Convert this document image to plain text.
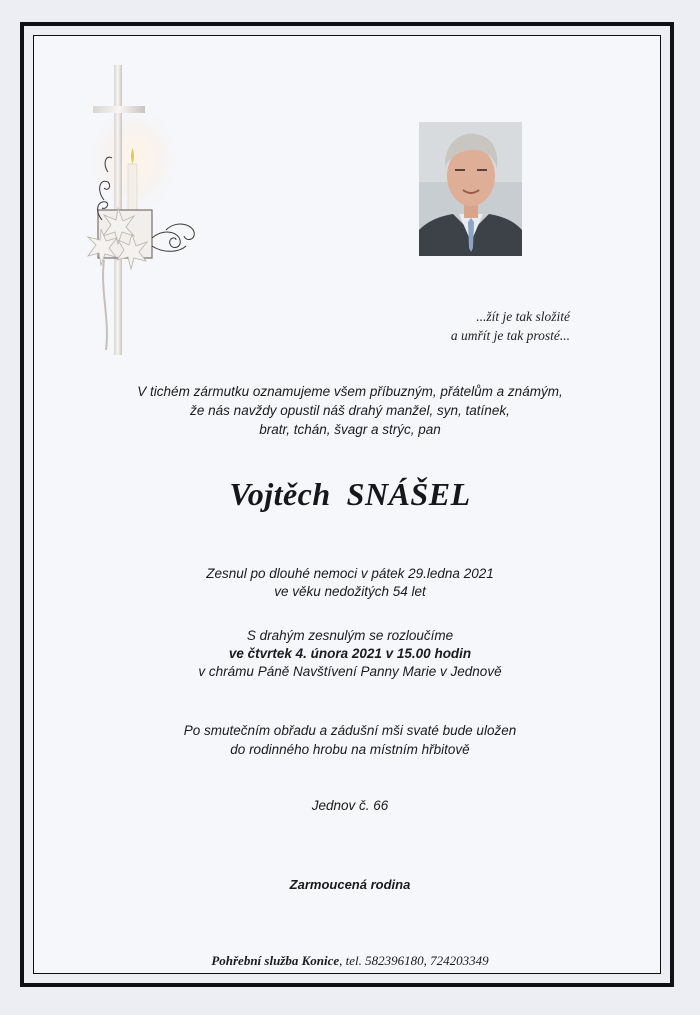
...žít je tak složité
a umřít je tak prosté...
V tichém zármutku oznamujeme všem příbuzným, přátelům a známým,
že nás navždy opustil náš drahý manžel, syn, tatínek,
bratr, tchán, švagr a strýc, pan
Vojtěch SNÁŠEL
Zesnul po dlouhé nemoci v pátek 29.ledna 2021
ve věku nedožitých 54 let
S drahým zesnulým se rozloučíme
ve čtvrtek 4. února 2021 v 15.00 hodin
v chrámu Páně Navštívení Panny Marie v Jednově
Po smutečním obřadu a zádušní mši svaté bude uložen
do rodinného hrobu na místním hřbitově
Jednov č. 66
Zarmoucená rodina
Pohřební služba Konice, tel. 582396180, 724203349
